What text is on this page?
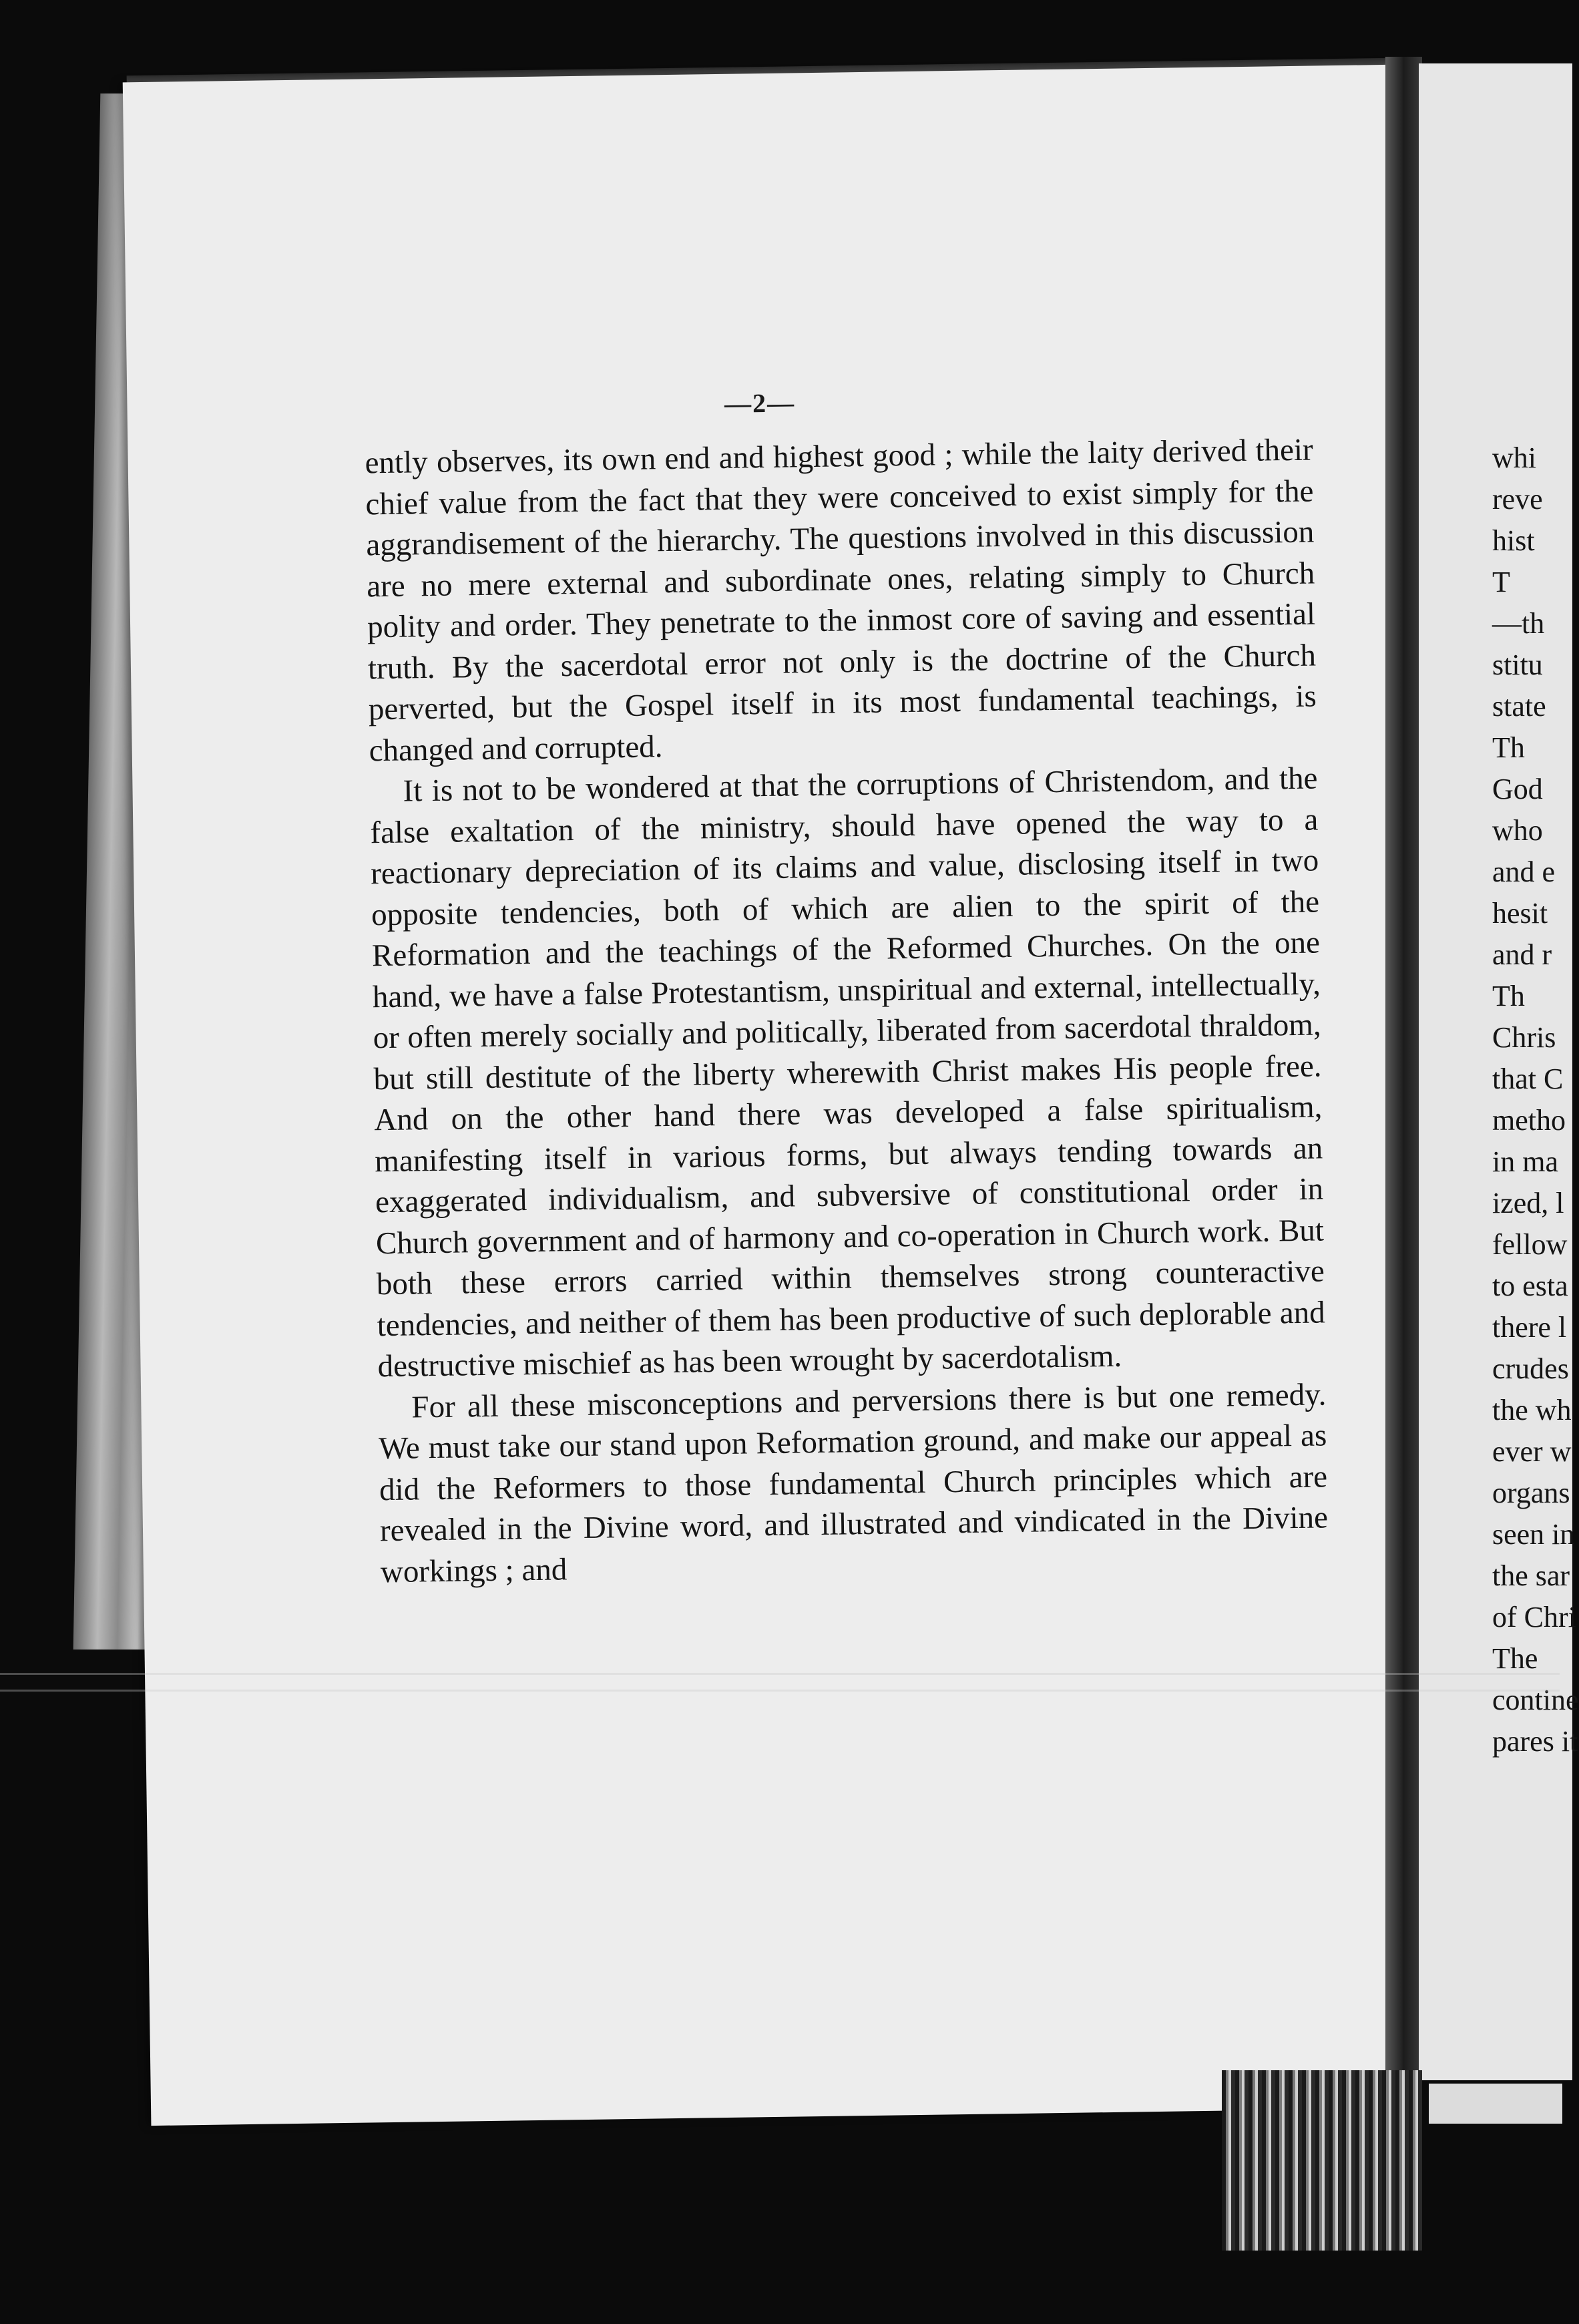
—2—

ently observes, its own end and highest good ; while the laity derived their chief value from the fact that they were conceived to exist simply for the aggrandisement of the hierarchy. The questions involved in this discussion are no mere external and subordinate ones, relating simply to Church polity and order. They penetrate to the inmost core of saving and essential truth. By the sacerdotal error not only is the doctrine of the Church perverted, but the Gospel itself in its most fundamental teachings, is changed and corrupted.

It is not to be wondered at that the corruptions of Christendom, and the false exaltation of the ministry, should have opened the way to a reactionary depreciation of its claims and value, disclosing itself in two opposite tendencies, both of which are alien to the spirit of the Reformation and the teachings of the Reformed Churches. On the one hand, we have a false Protestantism, unspiritual and external, intellectually, or often merely socially and politically, liberated from sacerdotal thraldom, but still destitute of the liberty wherewith Christ makes His people free. And on the other hand there was developed a false spiritualism, manifesting itself in various forms, but always tending towards an exaggerated individualism, and subversive of constitutional order in Church government and of harmony and co-operation in Church work. But both these errors carried within themselves strong counteractive tendencies, and neither of them has been productive of such deplorable and destructive mischief as has been wrought by sacerdotalism.

For all these misconceptions and perversions there is but one remedy. We must take our stand upon Reformation ground, and make our appeal as did the Reformers to those fundamental Church principles which are revealed in the Divine word, and illustrated and vindicated in the Divine workings ; and

whi
reve
hist
T
—th
stitu
state
Th
God
who
and e
hesit
and r
Th
Chris
that C
metho
in ma
ized, l
fellow
to esta
there l
crudes
the wh
ever w
organs
seen in
the sar
of Chri
The
contine
pares it
